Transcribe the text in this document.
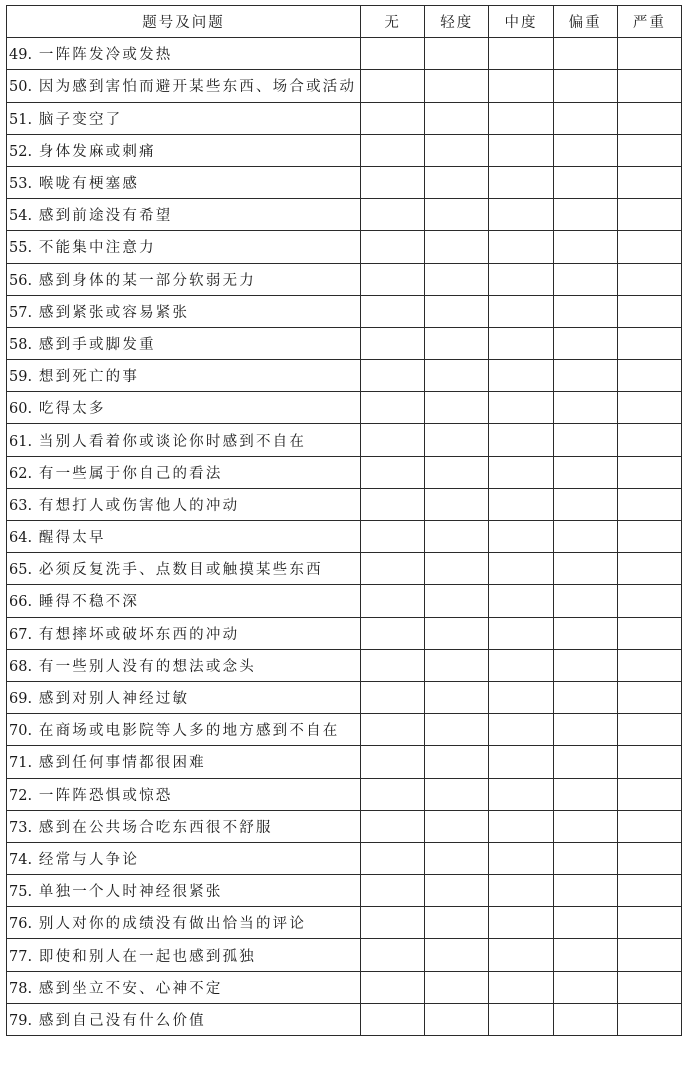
题号及问题	无	轻度	中度	偏重	严重
49. 一阵阵发冷或发热					
50. 因为感到害怕而避开某些东西、场合或活动					
51. 脑子变空了					
52. 身体发麻或刺痛					
53. 喉咙有梗塞感					
54. 感到前途没有希望					
55. 不能集中注意力					
56. 感到身体的某一部分软弱无力					
57. 感到紧张或容易紧张					
58. 感到手或脚发重					
59. 想到死亡的事					
60. 吃得太多					
61. 当别人看着你或谈论你时感到不自在					
62. 有一些属于你自己的看法					
63. 有想打人或伤害他人的冲动					
64. 醒得太早					
65. 必须反复洗手、点数目或触摸某些东西					
66. 睡得不稳不深					
67. 有想摔坏或破坏东西的冲动					
68. 有一些别人没有的想法或念头					
69. 感到对别人神经过敏					
70. 在商场或电影院等人多的地方感到不自在					
71. 感到任何事情都很困难					
72. 一阵阵恐惧或惊恐					
73. 感到在公共场合吃东西很不舒服					
74. 经常与人争论					
75. 单独一个人时神经很紧张					
76. 别人对你的成绩没有做出恰当的评论					
77. 即使和别人在一起也感到孤独					
78. 感到坐立不安、心神不定					
79. 感到自己没有什么价值					
